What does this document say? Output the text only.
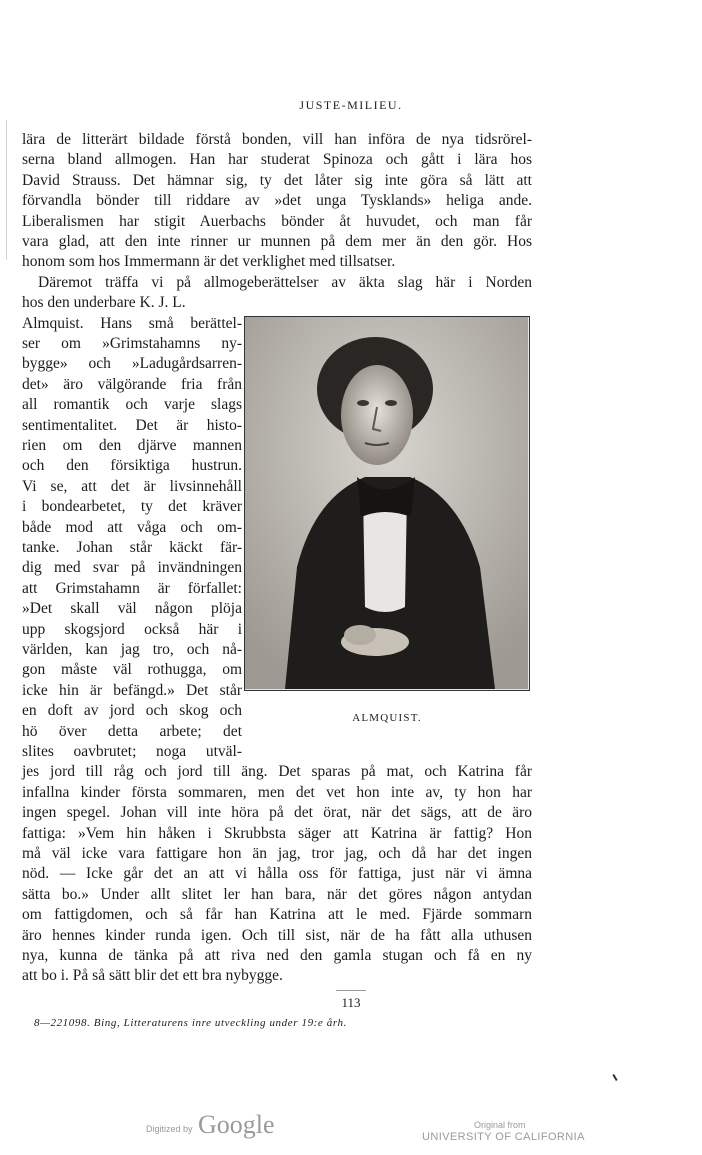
JUSTE-MILIEU.
lära de litterärt bildade förstå bonden, vill han införa de nya tidsrörel-
serna bland allmogen. Han har studerat Spinoza och gått i lära hos
David Strauss. Det hämnar sig, ty det låter sig inte göra så lätt att
förvandla bönder till riddare av »det unga Tysklands» heliga ande.
Liberalismen har stigit Auerbachs bönder åt huvudet, och man får
vara glad, att den inte rinner ur munnen på dem mer än den gör. Hos
honom som hos Immermann är det verklighet med tillsatser.
Däremot träffa vi på allmogeberättelser av äkta slag här i Norden
hos den underbare K. J. L.
Almquist. Hans små berättel-
ser om »Grimstahamns ny-
bygge» och »Ladugårdsarren-
det» äro välgörande fria från
all romantik och varje slags
sentimentalitet. Det är histo-
rien om den djärve mannen
och den försiktiga hustrun.
Vi se, att det är livsinnehåll
i bondearbetet, ty det kräver
både mod att våga och om-
tanke. Johan står käckt fär-
dig med svar på invändningen
att Grimstahamn är förfallet:
»Det skall väl någon plöja
upp skogsjord också här i
världen, kan jag tro, och nå-
gon måste väl rothugga, om
icke hin är befängd.» Det står
en doft av jord och skog och
hö över detta arbete; det
slites oavbrutet; noga utväl-
jes jord till råg och jord till äng. Det sparas på mat, och Katrina får
infallna kinder första sommaren, men det vet hon inte av, ty hon har
ingen spegel. Johan vill inte höra på det örat, när det sägs, att de äro
fattiga: »Vem hin håken i Skrubbsta säger att Katrina är fattig? Hon
må väl icke vara fattigare hon än jag, tror jag, och då har det ingen
nöd. — Icke går det an att vi hålla oss för fattiga, just när vi ämna
sätta bo.» Under allt slitet ler han bara, när det göres någon antydan
om fattigdomen, och så får han Katrina att le med. Fjärde sommarn
äro hennes kinder runda igen. Och till sist, när de ha fått alla uthusen
nya, kunna de tänka på att riva ned den gamla stugan och få en ny
att bo i. På så sätt blir det ett bra nybygge.
ALMQUIST.
113
8—221098. Bing, Litteraturens inre utveckling under 19:e årh.
Digitized by Google	Original from
UNIVERSITY OF CALIFORNIA
